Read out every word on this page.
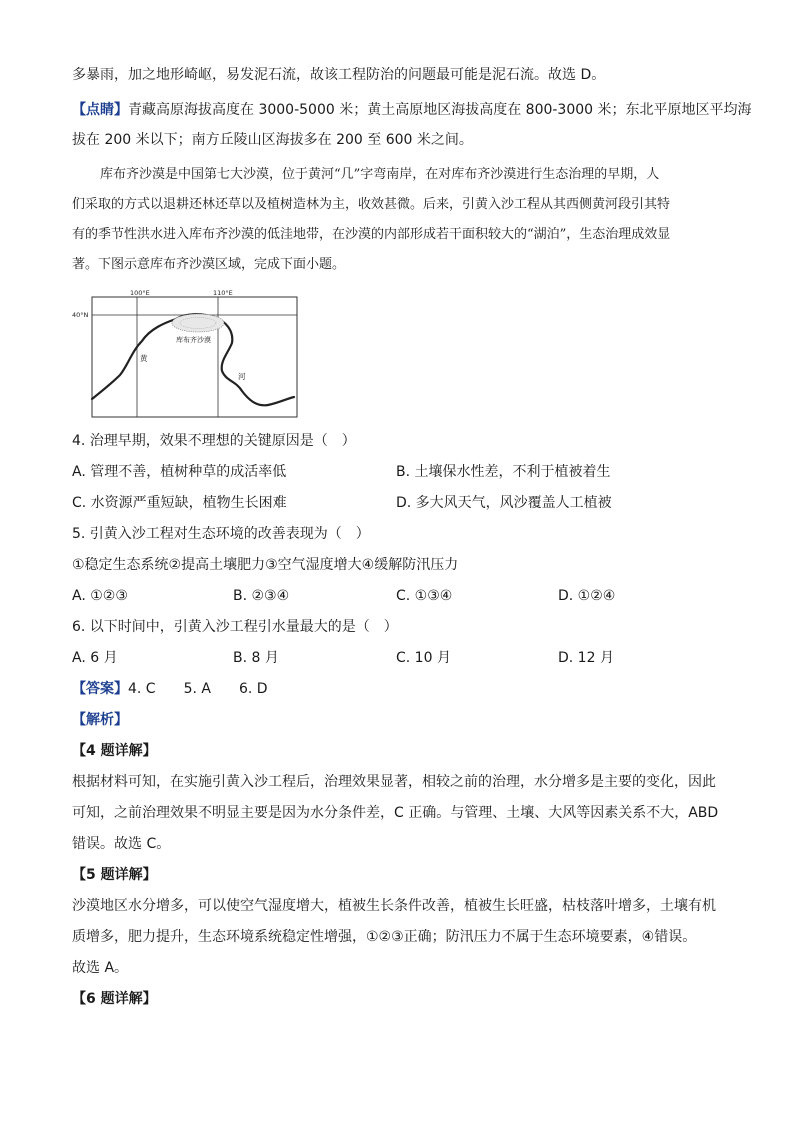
多暴雨，加之地形崎岖，易发泥石流，故该工程防治的问题最可能是泥石流。故选 D。
【点睛】青藏高原海拔高度在 3000-5000 米；黄土高原地区海拔高度在 800-3000 米；东北平原地区平均海
拔在 200 米以下；南方丘陵山区海拔多在 200 至 600 米之间。
库布齐沙漠是中国第七大沙漠，位于黄河“几”字弯南岸，在对库布齐沙漠进行生态治理的早期，人
们采取的方式以退耕还林还草以及植树造林为主，收效甚微。后来，引黄入沙工程从其西侧黄河段引其特
有的季节性洪水进入库布齐沙漠的低洼地带，在沙漠的内部形成若干面积较大的“湖泊”，生态治理成效显
著。下图示意库布齐沙漠区域，完成下面小题。
100°E	110°E
40°N
库布齐沙漠
黄
河
4. 治理早期，效果不理想的关键原因是（　）
A. 管理不善，植树种草的成活率低	B. 土壤保水性差，不利于植被着生
C. 水资源严重短缺，植物生长困难	D. 多大风天气，风沙覆盖人工植被
5. 引黄入沙工程对生态环境的改善表现为（　）
①稳定生态系统②提高土壤肥力③空气湿度增大④缓解防汛压力
A. ①②③	B. ②③④	C. ①③④	D. ①②④
6. 以下时间中，引黄入沙工程引水量最大的是（　）
A. 6 月	B. 8 月	C. 10 月	D. 12 月
【答案】4. C　　5. A　　6. D
【解析】
【4 题详解】
根据材料可知，在实施引黄入沙工程后，治理效果显著，相较之前的治理，水分增多是主要的变化，因此
可知，之前治理效果不明显主要是因为水分条件差，C 正确。与管理、土壤、大风等因素关系不大，ABD
错误。故选 C。
【5 题详解】
沙漠地区水分增多，可以使空气湿度增大，植被生长条件改善，植被生长旺盛，枯枝落叶增多，土壤有机
质增多，肥力提升，生态环境系统稳定性增强，①②③正确；防汛压力不属于生态环境要素，④错误。
故选 A。
【6 题详解】
